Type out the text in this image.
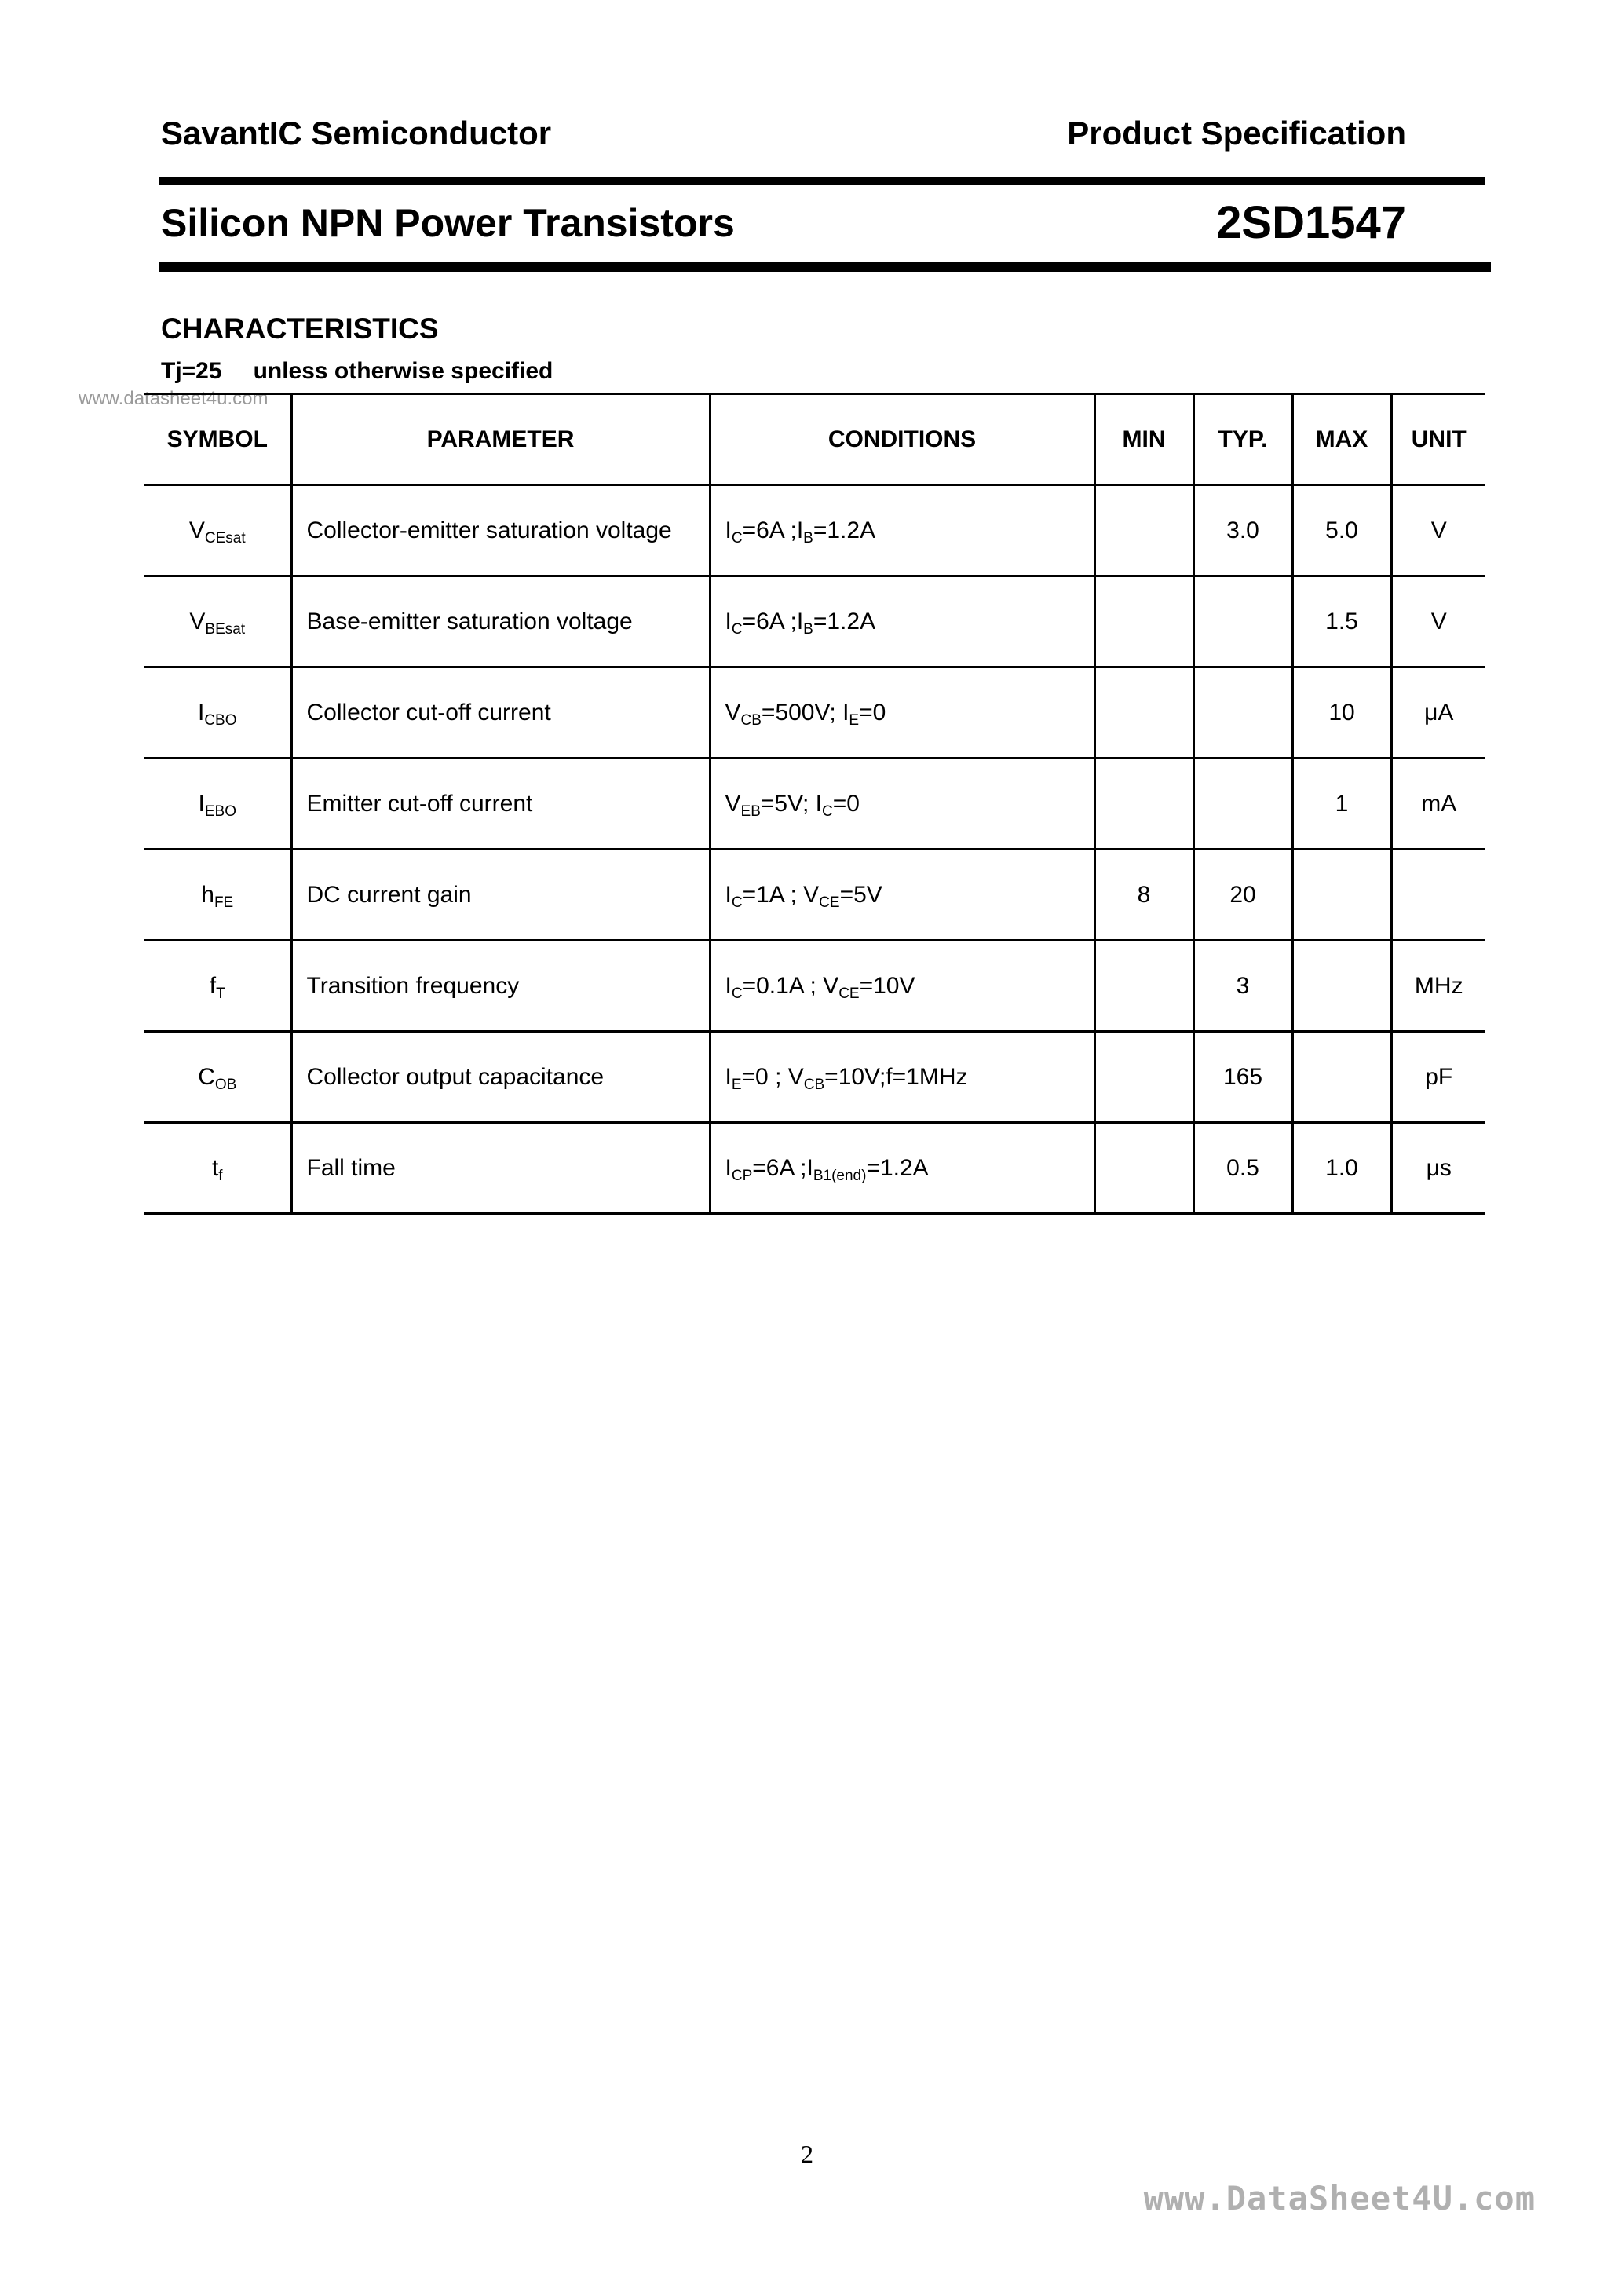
SavantIC Semiconductor	Product Specification
Silicon NPN Power Transistors	2SD1547
CHARACTERISTICS
Tj=25 unless otherwise specified
www.datasheet4u.com
SYMBOL	PARAMETER	CONDITIONS	MIN	TYP.	MAX	UNIT
$V_{CEsat}$	Collector-emitter saturation voltage	$I_C=6A$ $;I_B=1.2A$		3.0	5.0	V
$V_{BEsat}$	Base-emitter saturation voltage	$I_C=6A$ $;I_B=1.2A$			1.5	V
$I_{CBO}$	Collector cut-off current	$V_{CB}=500V$; $I_E=0$			10	μA
$I_{EBO}$	Emitter cut-off current	$V_{EB}=5V$; $I_C=0$			1	mA
$h_{FE}$	DC current gain	$I_C=1A$ ; $V_{CE}=5V$	8	20		
$f_T$	Transition frequency	$I_C=0.1A$ ; $V_{CE}=10V$		3		MHz
$C_{OB}$	Collector output capacitance	$I_E=0$ ; $V_{CB}=10V;f=1MHz$		165		pF
$t_f$	Fall time	$I_{CP}=6A$ $;I_{B1(end)}=1.2A$		0.5	1.0	μs
2
www.DataSheet4U.com
